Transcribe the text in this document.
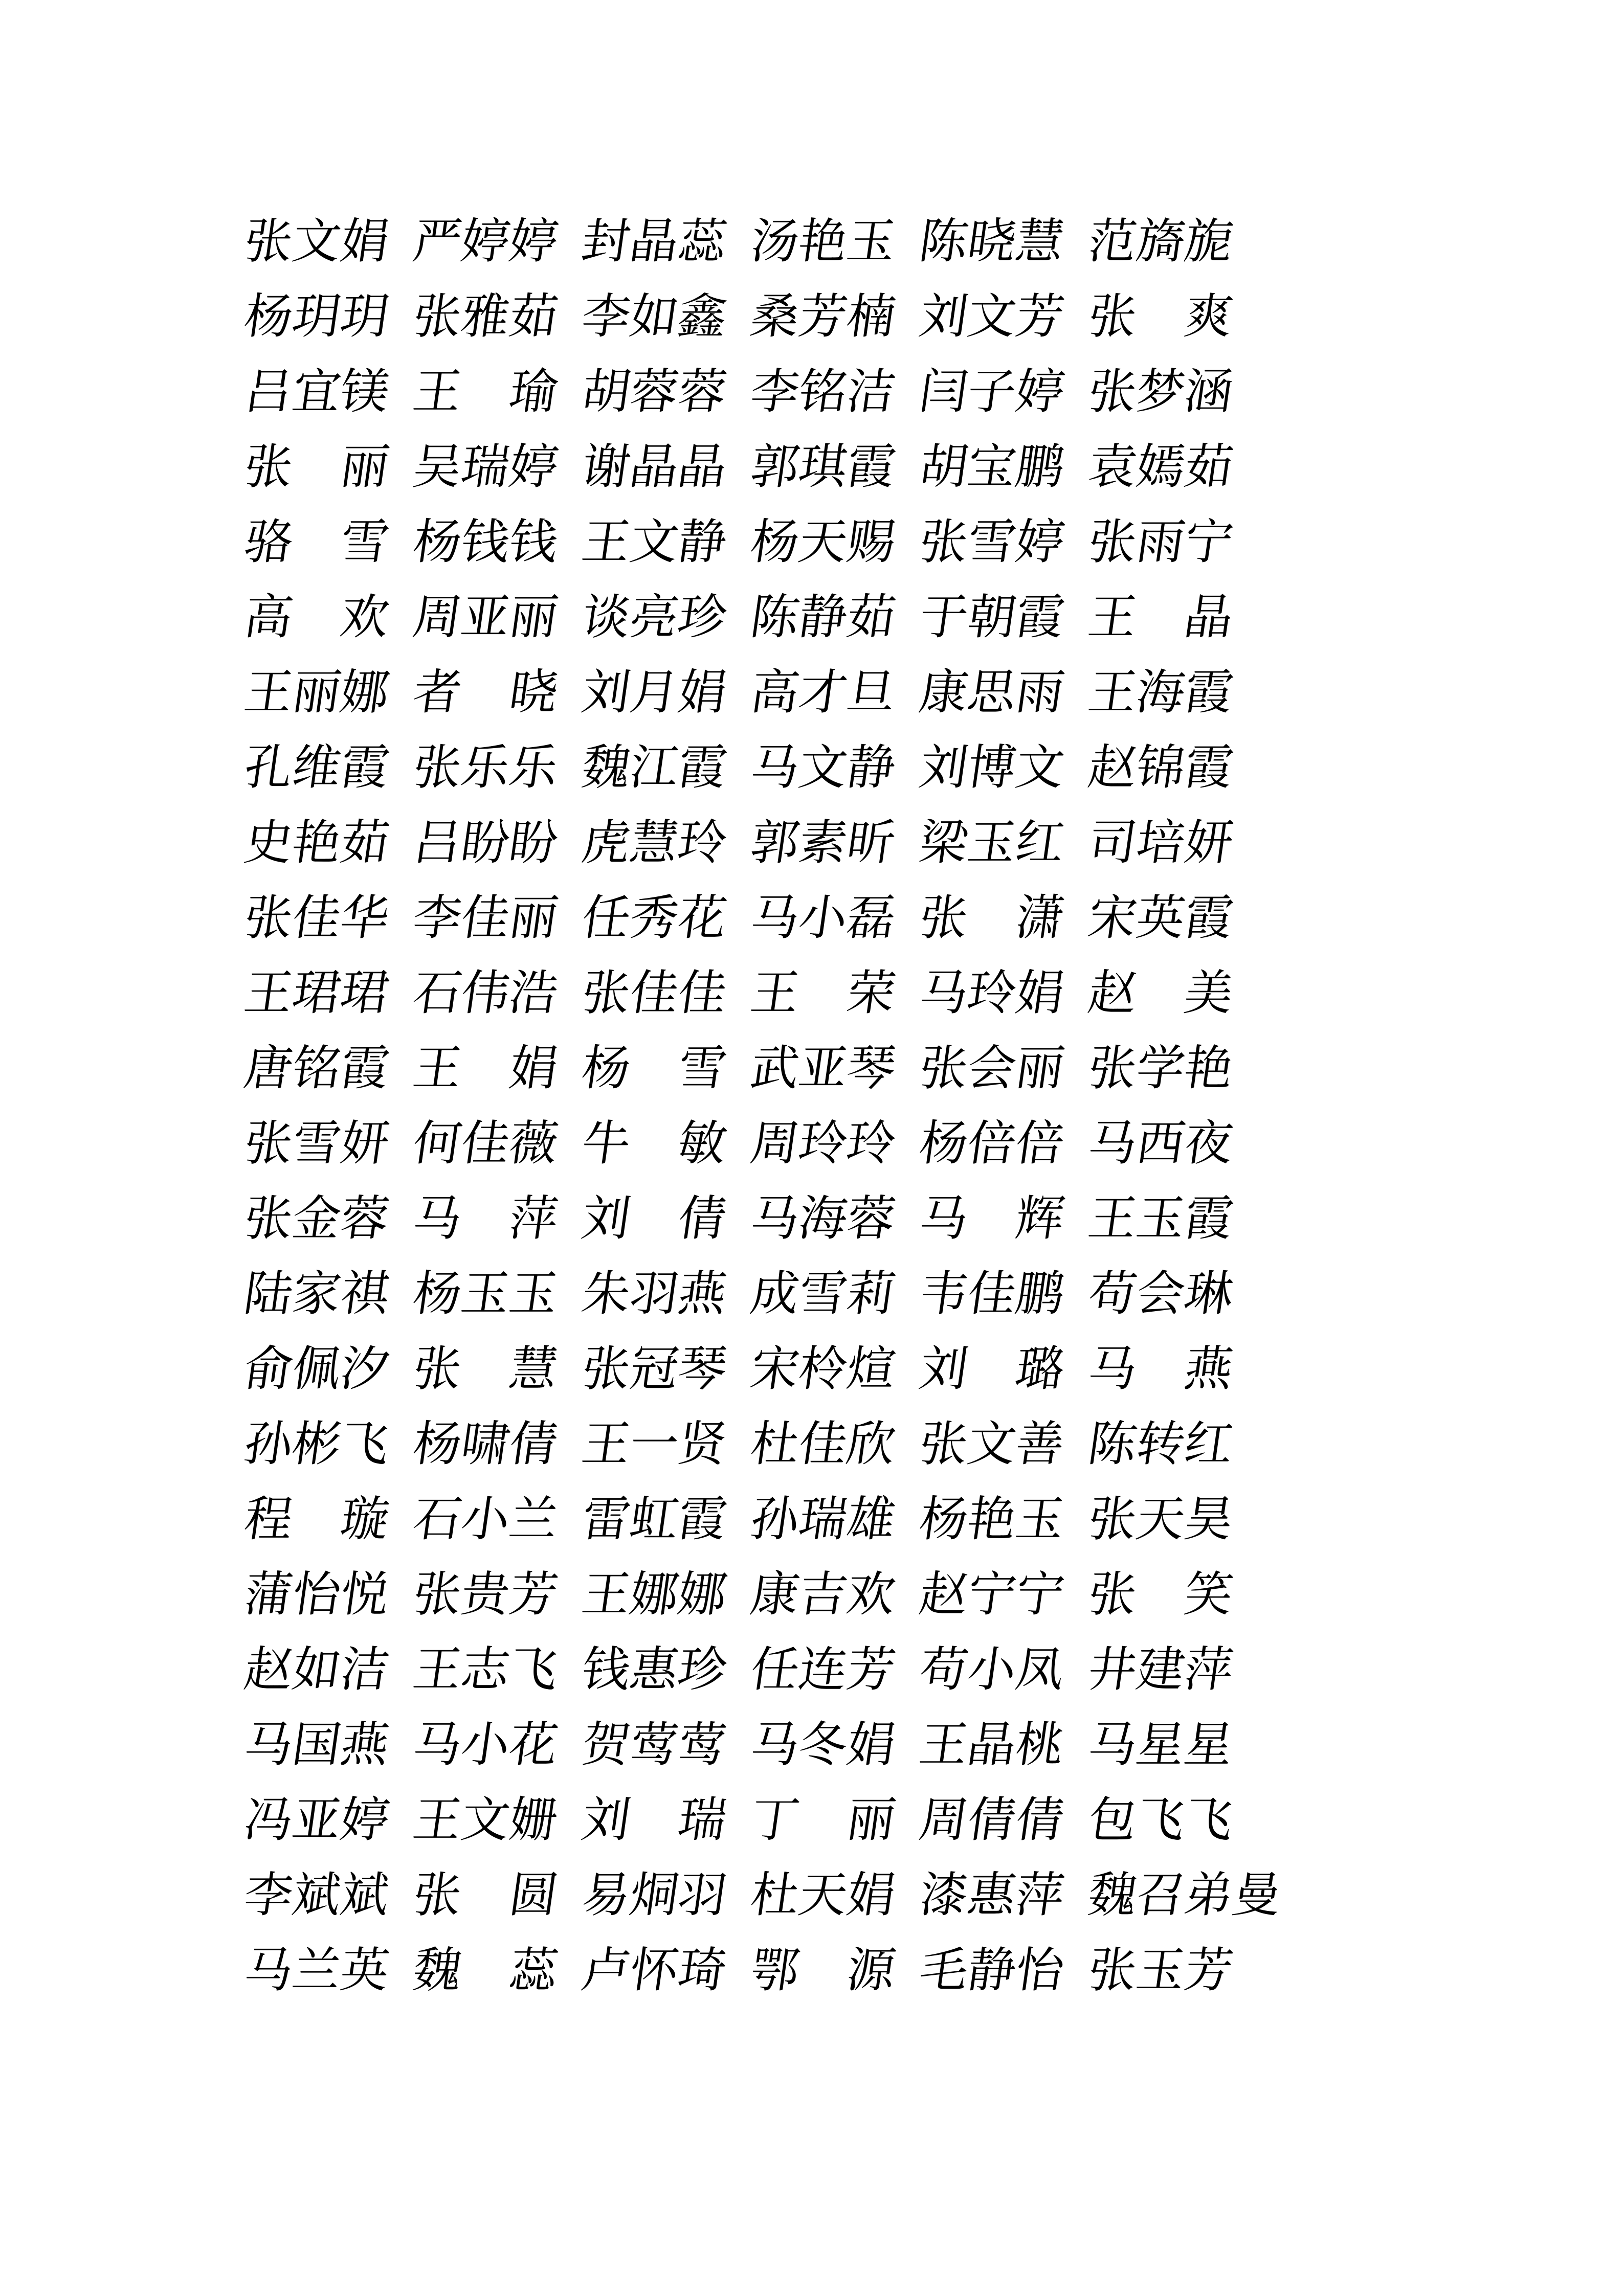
张文娟 严婷婷 封晶蕊 汤艳玉 陈晓慧 范旖旎
杨玥玥 张雅茹 李如鑫 桑芳楠 刘文芳 张　爽
吕宜镁 王　瑜 胡蓉蓉 李铭洁 闫子婷 张梦涵
张　丽 吴瑞婷 谢晶晶 郭琪霞 胡宝鹏 袁嫣茹
骆　雪 杨钱钱 王文静 杨天赐 张雪婷 张雨宁
高　欢 周亚丽 谈亮珍 陈静茹 于朝霞 王　晶
王丽娜 者　晓 刘月娟 高才旦 康思雨 王海霞
孔维霞 张乐乐 魏江霞 马文静 刘博文 赵锦霞
史艳茹 吕盼盼 虎慧玲 郭素昕 梁玉红 司培妍
张佳华 李佳丽 任秀花 马小磊 张　潇 宋英霞
王珺珺 石伟浩 张佳佳 王　荣 马玲娟 赵　美
唐铭霞 王　娟 杨　雪 武亚琴 张会丽 张学艳
张雪妍 何佳薇 牛　敏 周玲玲 杨倍倍 马西夜
张金蓉 马　萍 刘　倩 马海蓉 马　辉 王玉霞
陆家祺 杨玉玉 朱羽燕 成雪莉 韦佳鹏 苟会琳
俞佩汐 张　慧 张冠琴 宋柃煊 刘　璐 马　燕
孙彬飞 杨啸倩 王一贤 杜佳欣 张文善 陈转红
程　璇 石小兰 雷虹霞 孙瑞雄 杨艳玉 张天昊
蒲怡悦 张贵芳 王娜娜 康吉欢 赵宁宁 张　笑
赵如洁 王志飞 钱惠珍 任连芳 苟小凤 井建萍
马国燕 马小花 贺莺莺 马冬娟 王晶桃 马星星
冯亚婷 王文姗 刘　瑞 丁　丽 周倩倩 包飞飞
李斌斌 张　圆 易烔羽 杜天娟 漆惠萍 魏召弟曼
马兰英 魏　蕊 卢怀琦 鄂　源 毛静怡 张玉芳
